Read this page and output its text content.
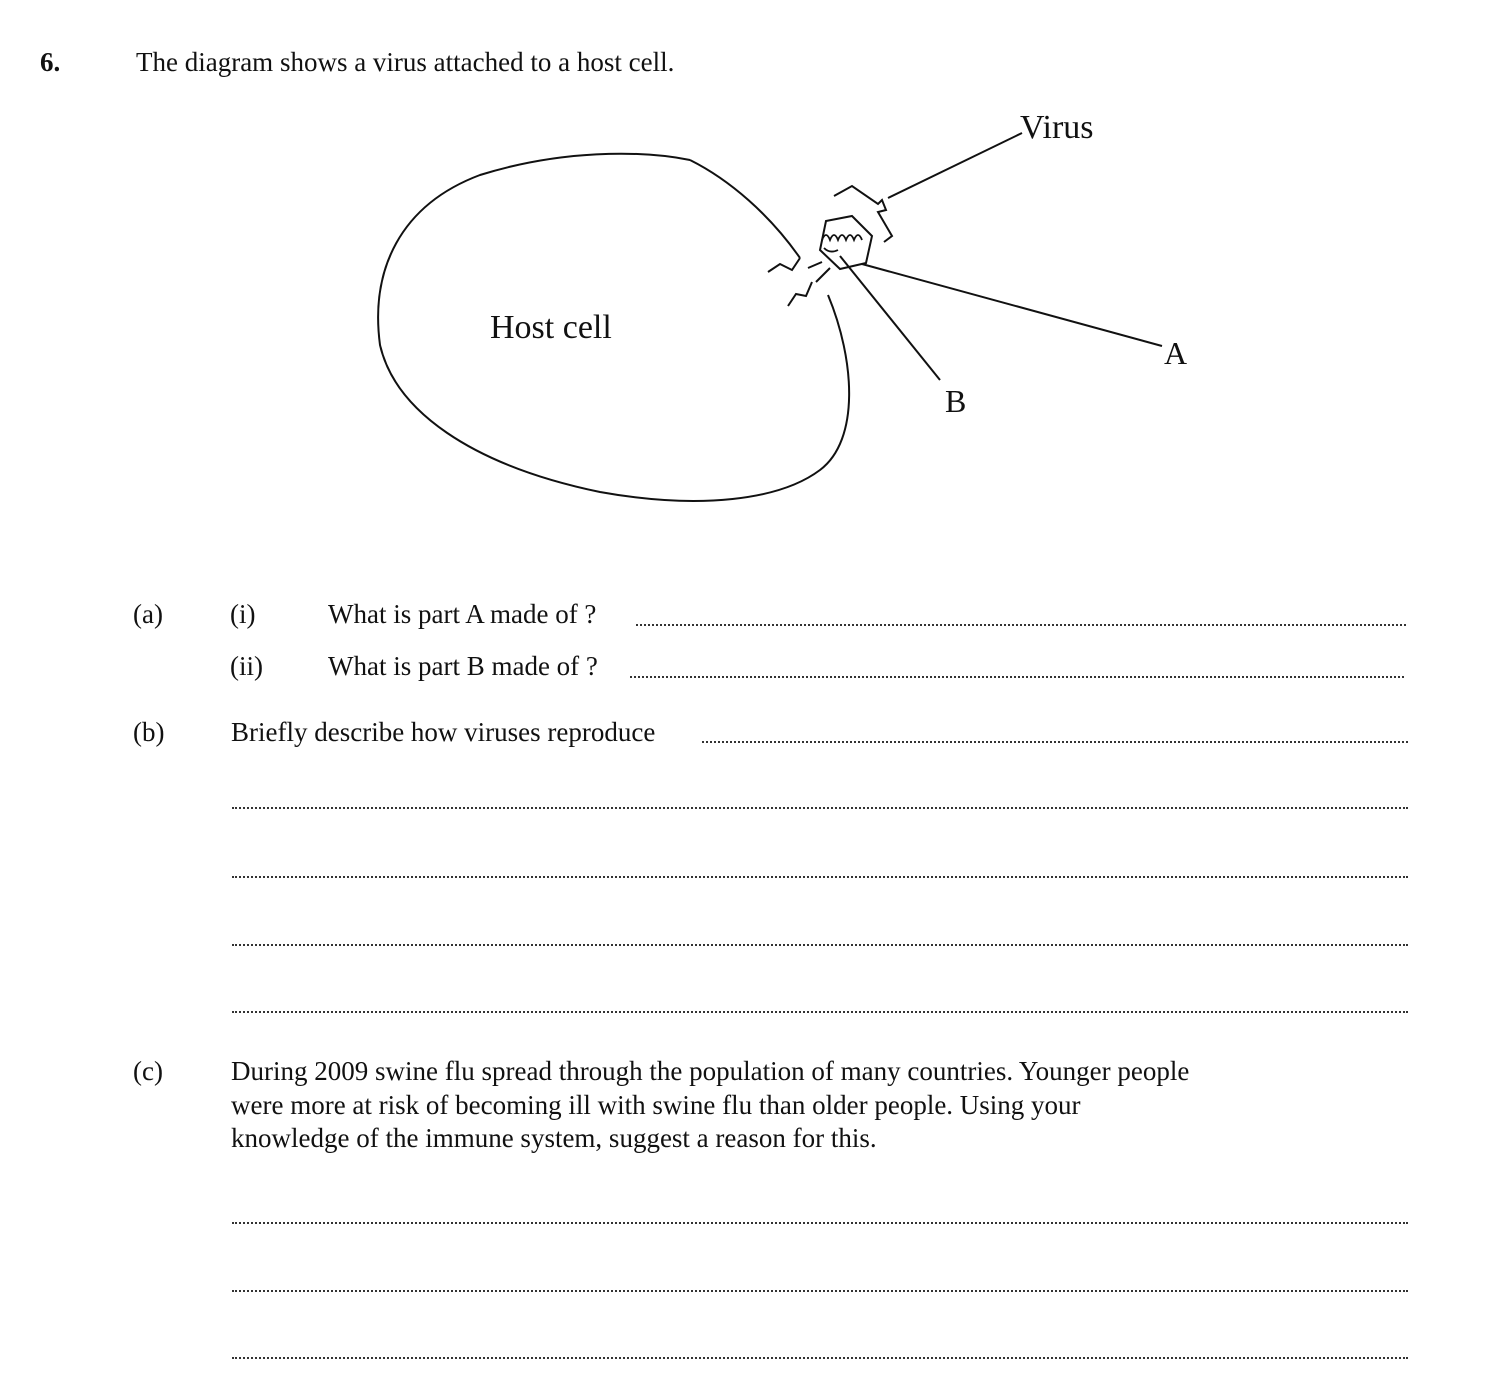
6.	The diagram shows a virus attached to a host cell.
Host cell
Virus
A
B
(a) (i)	What is part A made of ?
(ii) What is part B made of ?
(b) Briefly describe how viruses reproduce
(c)	During 2009 swine flu spread through the population of many countries. Younger people
were more at risk of becoming ill with swine flu than older people. Using your
knowledge of the immune system, suggest a reason for this.
